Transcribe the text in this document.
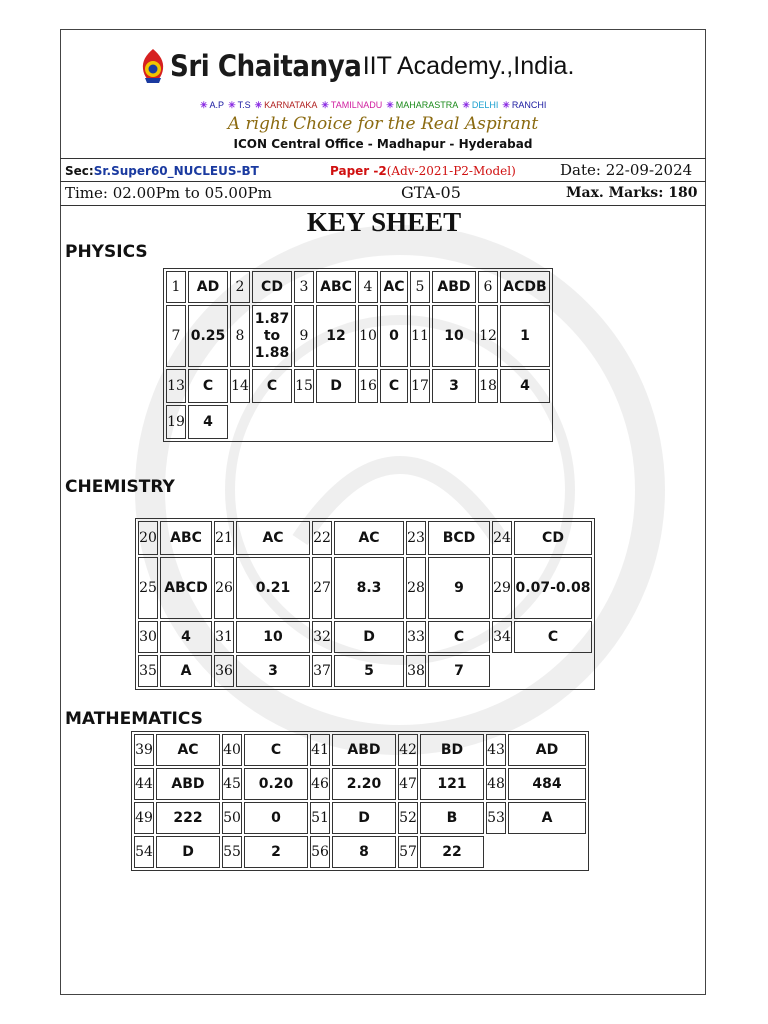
Sri Chaitanya IIT Academy.,India.
✳ A.P ✳ T.S ✳ KARNATAKA ✳ TAMILNADU ✳ MAHARASTRA ✳ DELHI ✳ RANCHI
A right Choice for the Real Aspirant
ICON Central Office - Madhapur - Hyderabad
Sec:Sr.Super60_NUCLEUS-BT	Paper -2(Adv-2021-P2-Model)	Date: 22-09-2024
Time: 02.00Pm to 05.00Pm	GTA-05	Max. Marks: 180
KEY SHEET
PHYSICS
1	AD	2	CD	3	ABC	4	AC	5	ABD	6	ACDB
7	0.25	8	1.87 to 1.88	9	12	10	0	11	10	12	1
13	C	14	C	15	D	16	C	17	3	18	4
19	4										
CHEMISTRY
20	ABC	21	AC	22	AC	23	BCD	24	CD
25	ABCD	26	0.21	27	8.3	28	9	29	0.07-0.08
30	4	31	10	32	D	33	C	34	C
35	A	36	3	37	5	38	7		
MATHEMATICS
39	AC	40	C	41	ABD	42	BD	43	AD
44	ABD	45	0.20	46	2.20	47	121	48	484
49	222	50	0	51	D	52	B	53	A
54	D	55	2	56	8	57	22		
